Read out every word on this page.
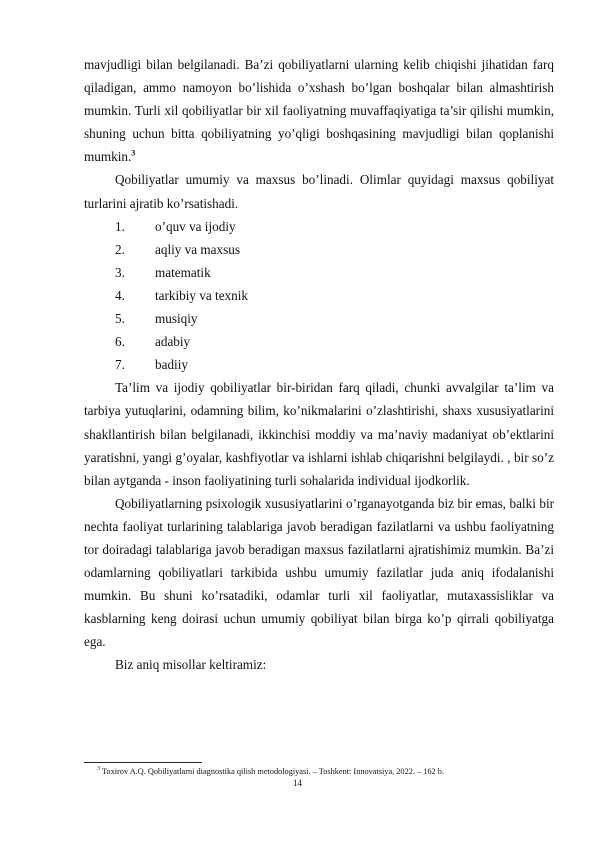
mavjudligi bilan belgilanadi. Ba’zi qobiliyatlarni ularning kelib chiqishi jihatidan farq qiladigan, ammo namoyon bo’lishida o’xshash bo’lgan boshqalar bilan almashtirish mumkin. Turli xil qobiliyatlar bir xil faoliyatning muvaffaqiyatiga ta’sir qilishi mumkin, shuning uchun bitta qobiliyatning yo’qligi boshqasining mavjudligi bilan qoplanishi mumkin.$^3$

Qobiliyatlar umumiy va maxsus bo’linadi. Olimlar quyidagi maxsus qobiliyat turlarini ajratib ko’rsatishadi.

1.	o’quv va ijodiy
2.	aqliy va maxsus
3.	matematik
4.	tarkibiy va texnik
5.	musiqiy
6.	adabiy
7.	badiiy

Ta’lim va ijodiy qobiliyatlar bir-biridan farq qiladi, chunki avvalgilar ta’lim va tarbiya yutuqlarini, odamning bilim, ko’nikmalarini o’zlashtirishi, shaxs xususiyatlarini shakllantirish bilan belgilanadi, ikkinchisi moddiy va ma’naviy madaniyat ob’ektlarini yaratishni, yangi g’oyalar, kashfiyotlar va ishlarni ishlab chiqarishni belgilaydi. , bir so’z bilan aytganda - inson faoliyatining turli sohalarida individual ijodkorlik.

Qobiliyatlarning psixologik xususiyatlarini o’rganayotganda biz bir emas, balki bir nechta faoliyat turlarining talablariga javob beradigan fazilatlarni va ushbu faoliyatning tor doiradagi talablariga javob beradigan maxsus fazilatlarni ajratishimiz mumkin. Ba’zi odamlarning qobiliyatlari tarkibida ushbu umumiy fazilatlar juda aniq ifodalanishi mumkin. Bu shuni ko’rsatadiki, odamlar turli xil faoliyatlar, mutaxassisliklar va kasblarning keng doirasi uchun umumiy qobiliyat bilan birga ko’p qirrali qobiliyatga ega.

Biz aniq misollar keltiramiz:

$^3$ Toxirov A.Q. Qobiliyatlarni diagnostika qilish metodologiyasi. – Toshkent: Innovatsiya, 2022. – 162 b.
14
